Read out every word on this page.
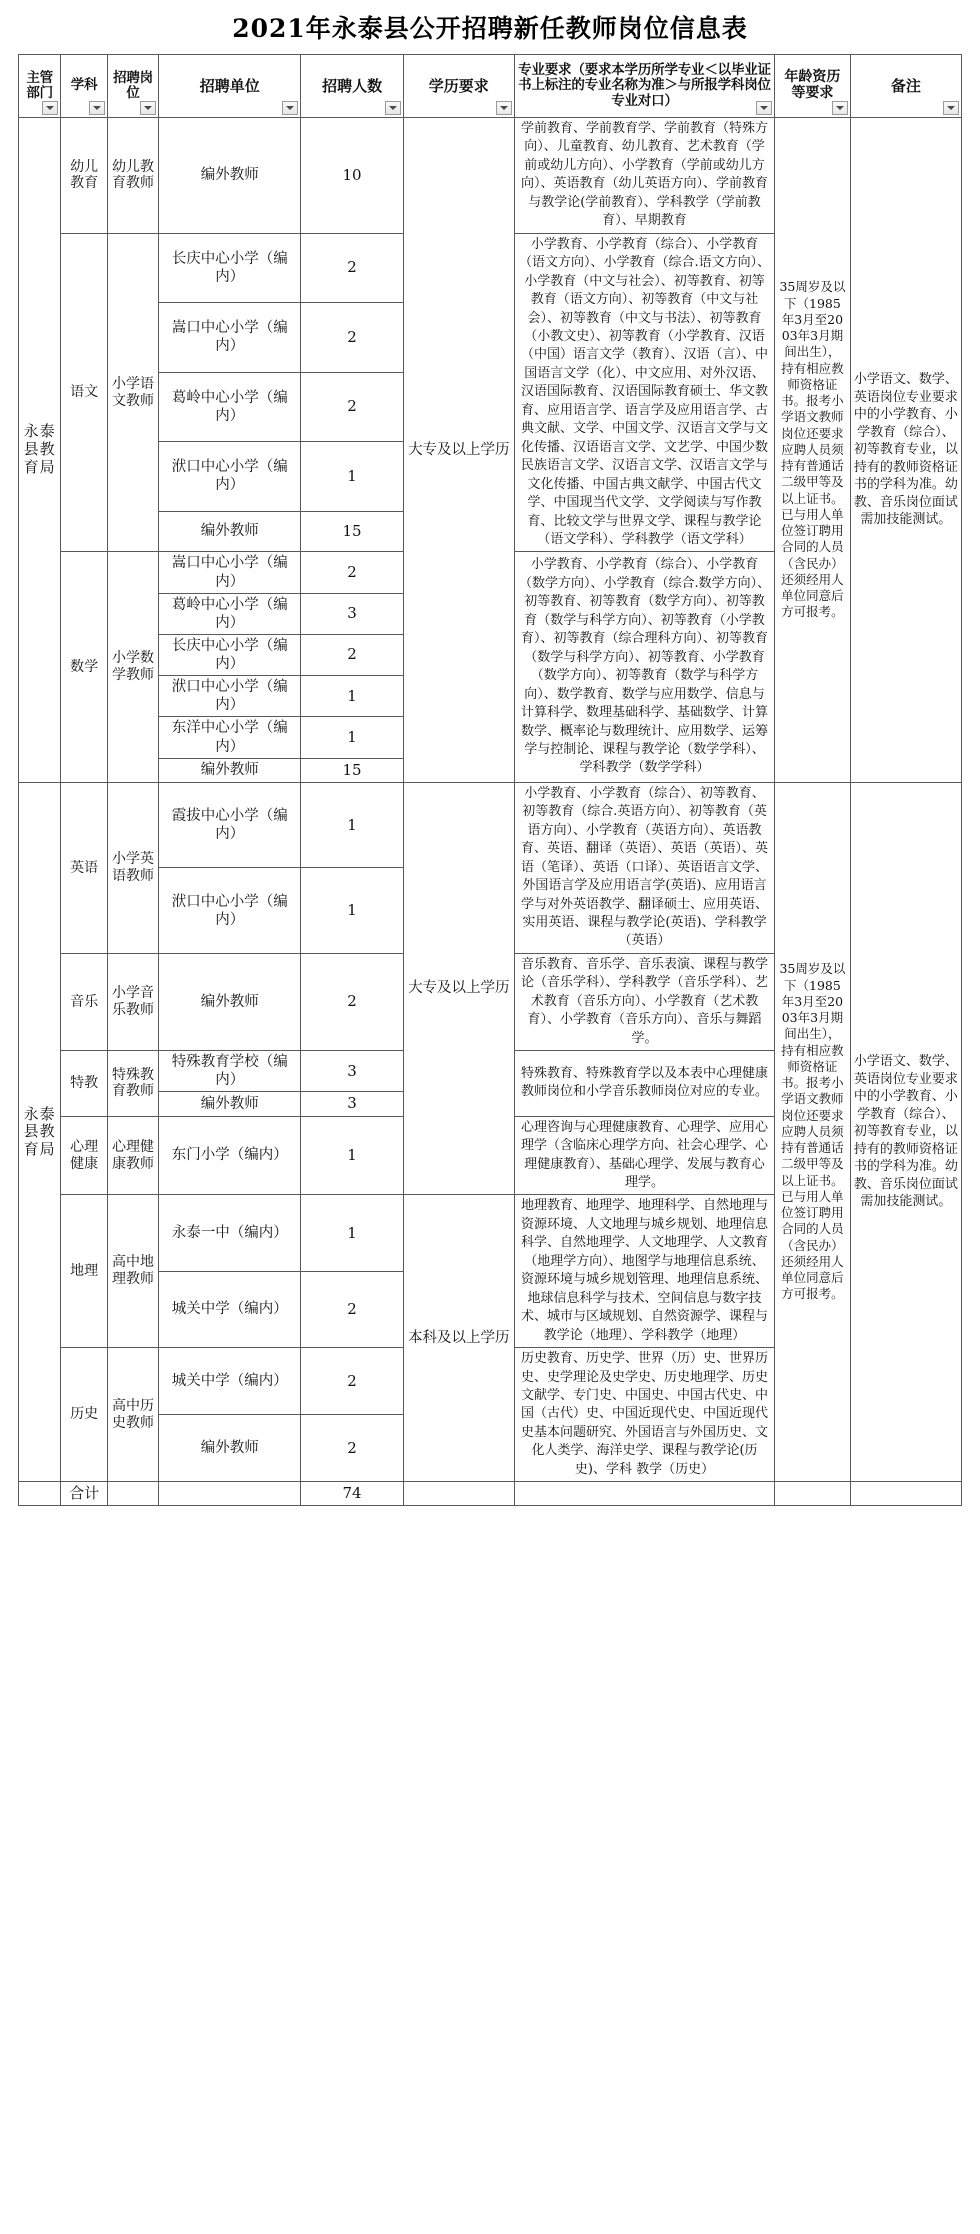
2021年永泰县公开招聘新任教师岗位信息表
主管部门	学科	招聘岗位	招聘单位	招聘人数	学历要求	专业要求（要求本学历所学专业＜以毕业证书上标注的专业名称为准＞与所报学科岗位专业对口）	年龄资历等要求	备注

永泰县教育局	幼儿教育	幼儿教育教师	编外教师	10	大专及以上学历	学前教育、学前教育学、学前教育（特殊方向）、儿童教育、幼儿教育、艺术教育（学前或幼儿方向）、小学教育（学前或幼儿方向）、英语教育（幼儿英语方向）、学前教育与教学论(学前教育）、学科教学（学前教育）、早期教育	35周岁及以下（1985年3月至2003年3月期间出生），持有相应教师资格证书。报考小学语文教师岗位还要求应聘人员须持有普通话二级甲等及以上证书。已与用人单位签订聘用合同的人员（含民办）还须经用人单位同意后方可报考。	小学语文、数学、英语岗位专业要求中的小学教育、小学教育（综合）、初等教育专业，以持有的教师资格证书的学科为准。幼教、音乐岗位面试需加技能测试。
	语文	小学语文教师	长庆中心小学（编内）	2		小学教育、小学教育（综合）、小学教育（语文方向）、小学教育（综合.语文方向）、小学教育（中文与社会）、初等教育、初等教育（语文方向）、初等教育（中文与社会）、初等教育（中文与书法）、初等教育（小教文史）、初等教育（小学教育、汉语（中国）语言文学（教育）、汉语（言）、中国语言文学（化）、中文应用、对外汉语、汉语国际教育、汉语国际教育硕士、华文教育、应用语言学、语言学及应用语言学、古典文献、文学、中国文学、汉语言文学与文化传播、汉语语言文学、文艺学、中国少数民族语言文学、汉语言文学、汉语言文学与文化传播、中国古典文献学、中国古代文学、中国现当代文学、文学阅读与写作教育、比较文学与世界文学、课程与教学论（语文学科）、学科教学（语文学科）		
			嵩口中心小学（编内）	2				
			葛岭中心小学（编内）	2				
			洑口中心小学（编内）	1				
			编外教师	15				
	数学	小学数学教师	嵩口中心小学（编内）	2		小学教育、小学教育（综合）、小学教育（数学方向）、小学教育（综合.数学方向）、初等教育、初等教育（数学方向）、初等教育（数学与科学方向）、初等教育（小学教育）、初等教育（综合理科方向）、初等教育（数学与科学方向）、初等教育、小学教育（数学方向）、初等教育（数学与科学方向）、数学教育、数学与应用数学、信息与计算科学、数理基础科学、基础数学、计算数学、概率论与数理统计、应用数学、运筹学与控制论、课程与教学论（数学学科）、学科教学（数学学科）		
			葛岭中心小学（编内）	3				
			长庆中心小学（编内）	2				
			洑口中心小学（编内）	1				
			东洋中心小学（编内）	1				
			编外教师	15				
永泰县教育局	英语	小学英语教师	霞拔中心小学（编内）	1	大专及以上学历	小学教育、小学教育（综合）、初等教育、初等教育（综合.英语方向）、初等教育（英语方向）、小学教育（英语方向）、英语教育、英语、翻译（英语）、英语（英语）、英语（笔译）、英语（口译）、英语语言文学、外国语言学及应用语言学(英语)、应用语言学与对外英语教学、翻译硕士、应用英语、实用英语、课程与教学论(英语)、学科教学（英语）	35周岁及以下（1985年3月至2003年3月期间出生），持有相应教师资格证书。报考小学语文教师岗位还要求应聘人员须持有普通话二级甲等及以上证书。已与用人单位签订聘用合同的人员（含民办）还须经用人单位同意后方可报考。	小学语文、数学、英语岗位专业要求中的小学教育、小学教育（综合）、初等教育专业，以持有的教师资格证书的学科为准。幼教、音乐岗位面试需加技能测试。
			洑口中心小学（编内）	1				
	音乐	小学音乐教师	编外教师	2		音乐教育、音乐学、音乐表演、课程与教学论（音乐学科）、学科教学（音乐学科）、艺术教育（音乐方向）、小学教育（艺术教育）、小学教育（音乐方向）、音乐与舞蹈学。		
	特教	特殊教育教师	特殊教育学校（编内）	3		特殊教育、特殊教育学以及本表中心理健康教师岗位和小学音乐教师岗位对应的专业。		
			编外教师	3				
	心理健康	心理健康教师	东门小学（编内）	1		心理咨询与心理健康教育、心理学、应用心理学（含临床心理学方向、社会心理学、心理健康教育）、基础心理学、发展与教育心理学。		
	地理	高中地理教师	永泰一中（编内）	1	本科及以上学历	地理教育、地理学、地理科学、自然地理与资源环境、人文地理与城乡规划、地理信息科学、自然地理学、人文地理学、人文教育（地理学方向）、地图学与地理信息系统、资源环境与城乡规划管理、地理信息系统、地球信息科学与技术、空间信息与数字技术、城市与区域规划、自然资源学、课程与教学论（地理）、学科教学（地理）		
			城关中学（编内）	2				
	历史	高中历史教师	城关中学（编内）	2		历史教育、历史学、世界（历）史、世界历史、史学理论及史学史、历史地理学、历史文献学、专门史、中国史、中国古代史、中国（古代）史、中国近现代史、中国近现代史基本问题研究、外国语言与外国历史、文化人类学、海洋史学、课程与教学论(历史)、学科 教学（历史）		
			编外教师	2				
	合计			74				
